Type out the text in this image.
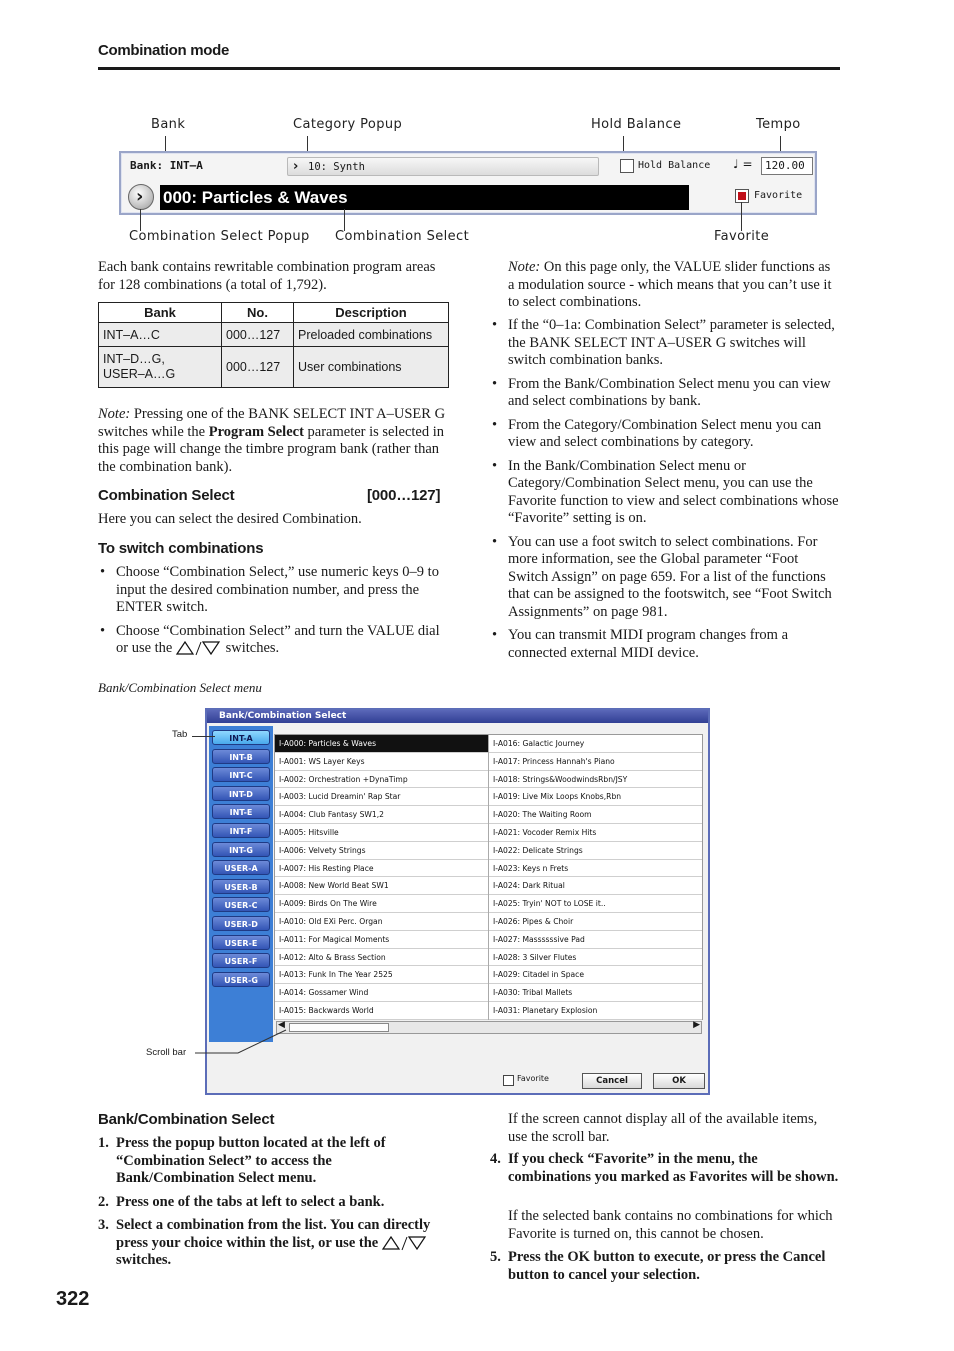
Combination mode
Bank	Category Popup	Hold Balance	Tempo
Bank: INT–A	› 10: Synth	Hold Balance ♩ =	120.00
› 000: Particles & Waves	Favorite
Combination Select Popup Combination Select	Favorite
Each bank contains rewritable combination program areas for 128 combinations (a total of 1,792).
Bank	No.	Description
INT–A…C	000…127	Preloaded combinations
INT–D…G,
USER–A…G	000…127	User combinations
Note: Pressing one of the BANK SELECT INT A–USER G switches while the Program Select parameter is selected in this page will change the timbre program bank (rather than the combination bank).
Combination Select	[000…127]
Here you can select the desired Combination.
To switch combinations
• Choose “Combination Select,” use numeric keys 0–9 to input the desired combination number, and press the ENTER switch.
• Choose “Combination Select” and turn the VALUE dial or use the	switches.
Note: On this page only, the VALUE slider functions as a modulation source - which means that you can’t use it to select combinations.
• If the “0–1a: Combination Select” parameter is selected, the BANK SELECT INT A–USER G switches will switch combination banks.
• From the Bank/Combination Select menu you can view and select combinations by bank.
• From the Category/Combination Select menu you can view and select combinations by category.
• In the Bank/Combination Select menu or Category/Combination Select menu, you can use the Favorite function to view and select combinations whose “Favorite” setting is on.
• You can use a foot switch to select combinations. For more information, see the Global parameter “Foot Switch Assign” on page 659. For a list of the functions that can be assigned to the footswitch, see “Foot Switch Assignments” on page 981.
• You can transmit MIDI program changes from a connected external MIDI device.
Bank/Combination Select menu
Bank/Combination Select
INT-A
INT-B
INT-C
INT-D
INT-E
INT-F
INT-G
USER-A
USER-B
USER-C
USER-D
USER-E
USER-F
USER-G
I-A000: Particles & Waves
I-A001: WS Layer Keys
I-A002: Orchestration +DynaTimp
I-A003: Lucid Dreamin' Rap Star
I-A004: Club Fantasy SW1,2
I-A005: Hitsville
I-A006: Velvety Strings
I-A007: His Resting Place
I-A008: New World Beat SW1
I-A009: Birds On The Wire
I-A010: Old EXi Perc. Organ
I-A011: For Magical Moments
I-A012: Alto & Brass Section
I-A013: Funk In The Year 2525
I-A014: Gossamer Wind
I-A015: Backwards World
I-A016: Galactic Journey
I-A017: Princess Hannah's Piano
I-A018: Strings&WoodwindsRbn/JSY
I-A019: Live Mix Loops Knobs,Rbn
I-A020: The Waiting Room
I-A021: Vocoder Remix Hits
I-A022: Delicate Strings
I-A023: Keys n Frets
I-A024: Dark Ritual
I-A025: Tryin' NOT to LOSE it..
I-A026: Pipes & Choir
I-A027: Massssssive Pad
I-A028: 3 Silver Flutes
I-A029: Citadel in Space
I-A030: Tribal Mallets
I-A031: Planetary Explosion
◀	▶
Favorite	Cancel	OK
Tab
Scroll bar
Bank/Combination Select
1. Press the popup button located at the left of “Combination Select” to access the Bank/Combination Select menu.
2. Press one of the tabs at left to select a bank.
3. Select a combination from the list. You can directly press your choice within the list, or use the  switches.
If the screen cannot display all of the available items, use the scroll bar.
4. If you check “Favorite” in the menu, the combinations you marked as Favorites will be shown.
If the selected bank contains no combinations for which Favorite is turned on, this cannot be chosen.
5. Press the OK button to execute, or press the Cancel button to cancel your selection.
322
